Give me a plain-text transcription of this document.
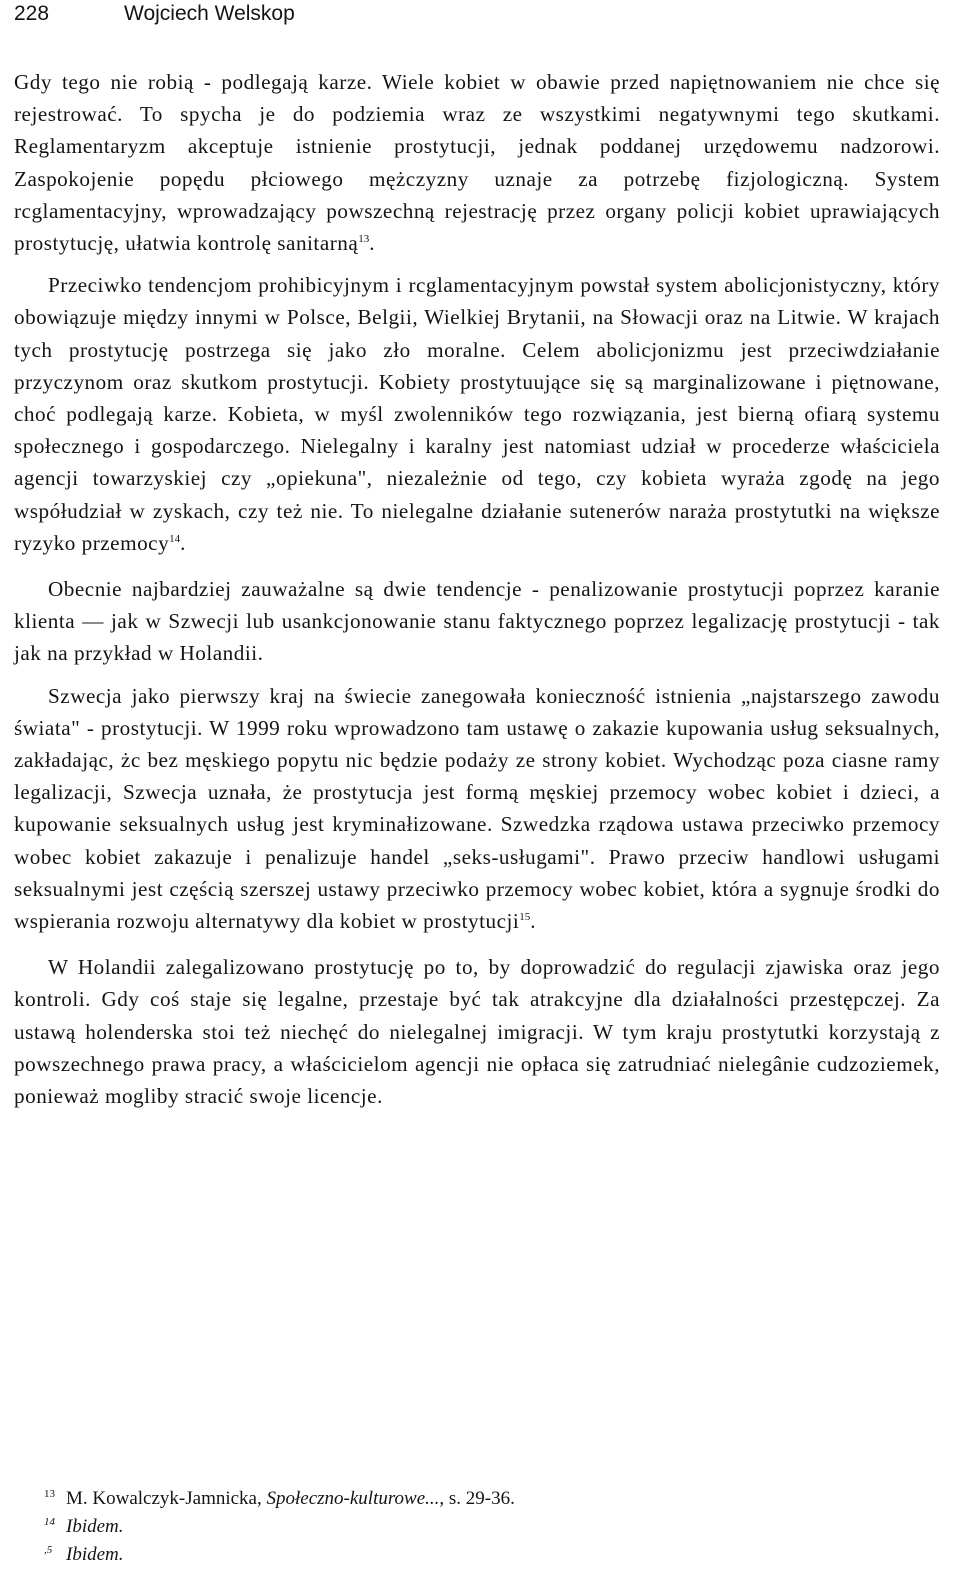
228	Wojciech Welskop

Gdy tego nie robią - podlegają karze. Wiele kobiet w obawie przed napiętnowaniem nie chce się rejestrować. To spycha je do podziemia wraz ze wszystkimi negatywnymi tego skutkami. Reglamentaryzm akceptuje istnienie prostytucji, jednak poddanej urzędowemu nadzorowi. Zaspokojenie popędu płciowego mężczyzny uznaje za potrzebę fizjologiczną. System rcglamentacyjny, wprowadzający powszechną rejestrację przez organy policji kobiet uprawiających prostytucję, ułatwia kontrolę sanitarną$^{13}$.

Przeciwko tendencjom prohibicyjnym i rcglamentacyjnym powstał system abolicjonistyczny, który obowiązuje między innymi w Polsce, Belgii, Wielkiej Brytanii, na Słowacji oraz na Litwie. W krajach tych prostytucję postrzega się jako zło moralne. Celem abolicjonizmu jest przeciwdziałanie przyczynom oraz skutkom prostytucji. Kobiety prostytuujące się są marginalizowane i piętnowane, choć podlegają karze. Kobieta, w myśl zwolenników tego rozwiązania, jest bierną ofiarą systemu społecznego i gospodarczego. Nielegalny i karalny jest natomiast udział w procederze właściciela agencji towarzyskiej czy „opiekuna", niezależnie od tego, czy kobieta wyraża zgodę na jego współudział w zyskach, czy też nie. To nielegalne działanie sutenerów naraża prostytutki na większe ryzyko przemocy$^{14}$.

Obecnie najbardziej zauważalne są dwie tendencje - penalizowanie prostytucji poprzez karanie klienta — jak w Szwecji lub usankcjonowanie stanu faktycznego poprzez legalizację prostytucji - tak jak na przykład w Holandii.

Szwecja jako pierwszy kraj na świecie zanegowała konieczność istnienia „najstarszego zawodu świata" - prostytucji. W 1999 roku wprowadzono tam ustawę o zakazie kupowania usług seksualnych, zakładając, żc bez męskiego popytu nic będzie podaży ze strony kobiet. Wychodząc poza ciasne ramy legalizacji, Szwecja uznała, że prostytucja jest formą męskiej przemocy wobec kobiet i dzieci, a kupowanie seksualnych usług jest kryminałizowane. Szwedzka rządowa ustawa przeciwko przemocy wobec kobiet zakazuje i penalizuje handel „seks-usługami". Prawo przeciw handlowi usługami seksualnymi jest częścią szerszej ustawy przeciwko przemocy wobec kobiet, która a sygnuje środki do wspierania rozwoju alternatywy dla kobiet w prostytucji$^{15}$.

W Holandii zalegalizowano prostytucję po to, by doprowadzić do regulacji zjawiska oraz jego kontroli. Gdy coś staje się legalne, przestaje być tak atrakcyjne dla działalności przestępczej. Za ustawą holenderska stoi też niechęć do nielegalnej imigracji. W tym kraju prostytutki korzystają z powszechnego prawa pracy, a właścicielom agencji nie opłaca się zatrudniać nielegânie cudzoziemek, ponieważ mogliby stracić swoje licencje.

13 M. Kowalczyk-Jamnicka, Społeczno-kulturowe..., s. 29-36.
14 Ibidem.
,5 Ibidem.
